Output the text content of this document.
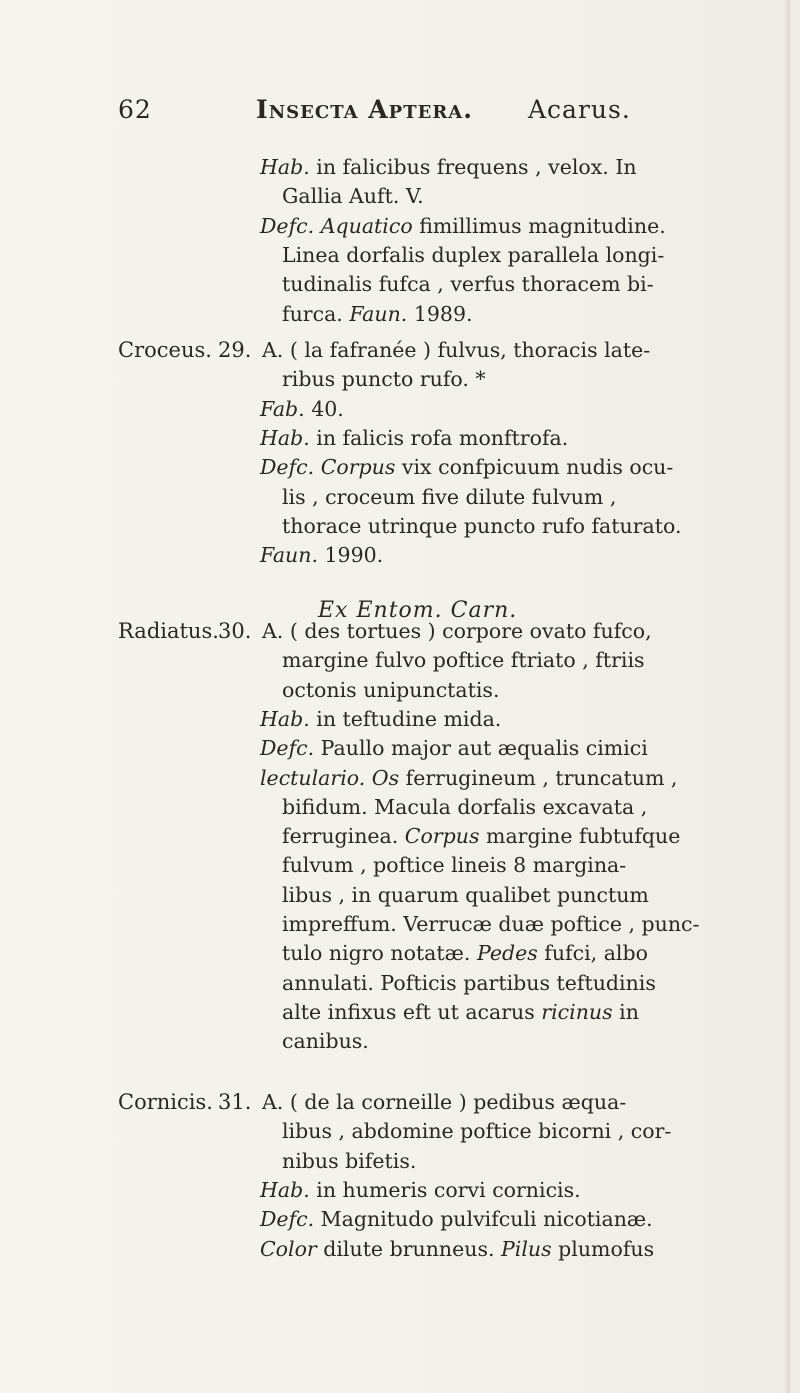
62	Insecta Aptera. Acarus.
Hab. in falicibus frequens , velox. In
Gallia Auft. V.
Defc. Aquatico fimillimus magnitudine.
Linea dorfalis duplex parallela longi-
tudinalis fufca , verfus thoracem bi-
furca. Faun. 1989.
Croceus. 29. A. ( la fafranée ) fulvus, thoracis late-
ribus puncto rufo. *
Fab. 40.
Hab. in falicis rofa monftrofa.
Defc. Corpus vix confpicuum nudis ocu-
lis , croceum five dilute fulvum ,
thorace utrinque puncto rufo faturato.
Faun. 1990.
Ex Entom. Carn.
Radiatus. 30. A. ( des tortues ) corpore ovato fufco,
margine fulvo poftice ftriato , ftriis
octonis unipunctatis.
Hab. in teftudine mida.
Defc. Paullo major aut æqualis cimici
lectulario. Os ferrugineum , truncatum ,
bifidum. Macula dorfalis excavata ,
ferruginea. Corpus margine fubtufque
fulvum , poftice lineis 8 margina-
libus , in quarum qualibet punctum
impreffum. Verrucæ duæ poftice , punc-
tulo nigro notatæ. Pedes fufci, albo
annulati. Pofticis partibus teftudinis
alte infixus eft ut acarus ricinus in
canibus.
Cornicis. 31. A. ( de la corneille ) pedibus æqua-
libus , abdomine poftice bicorni , cor-
nibus bifetis.
Hab. in humeris corvi cornicis.
Defc. Magnitudo pulvifculi nicotianæ.
Color dilute brunneus. Pilus plumofus
